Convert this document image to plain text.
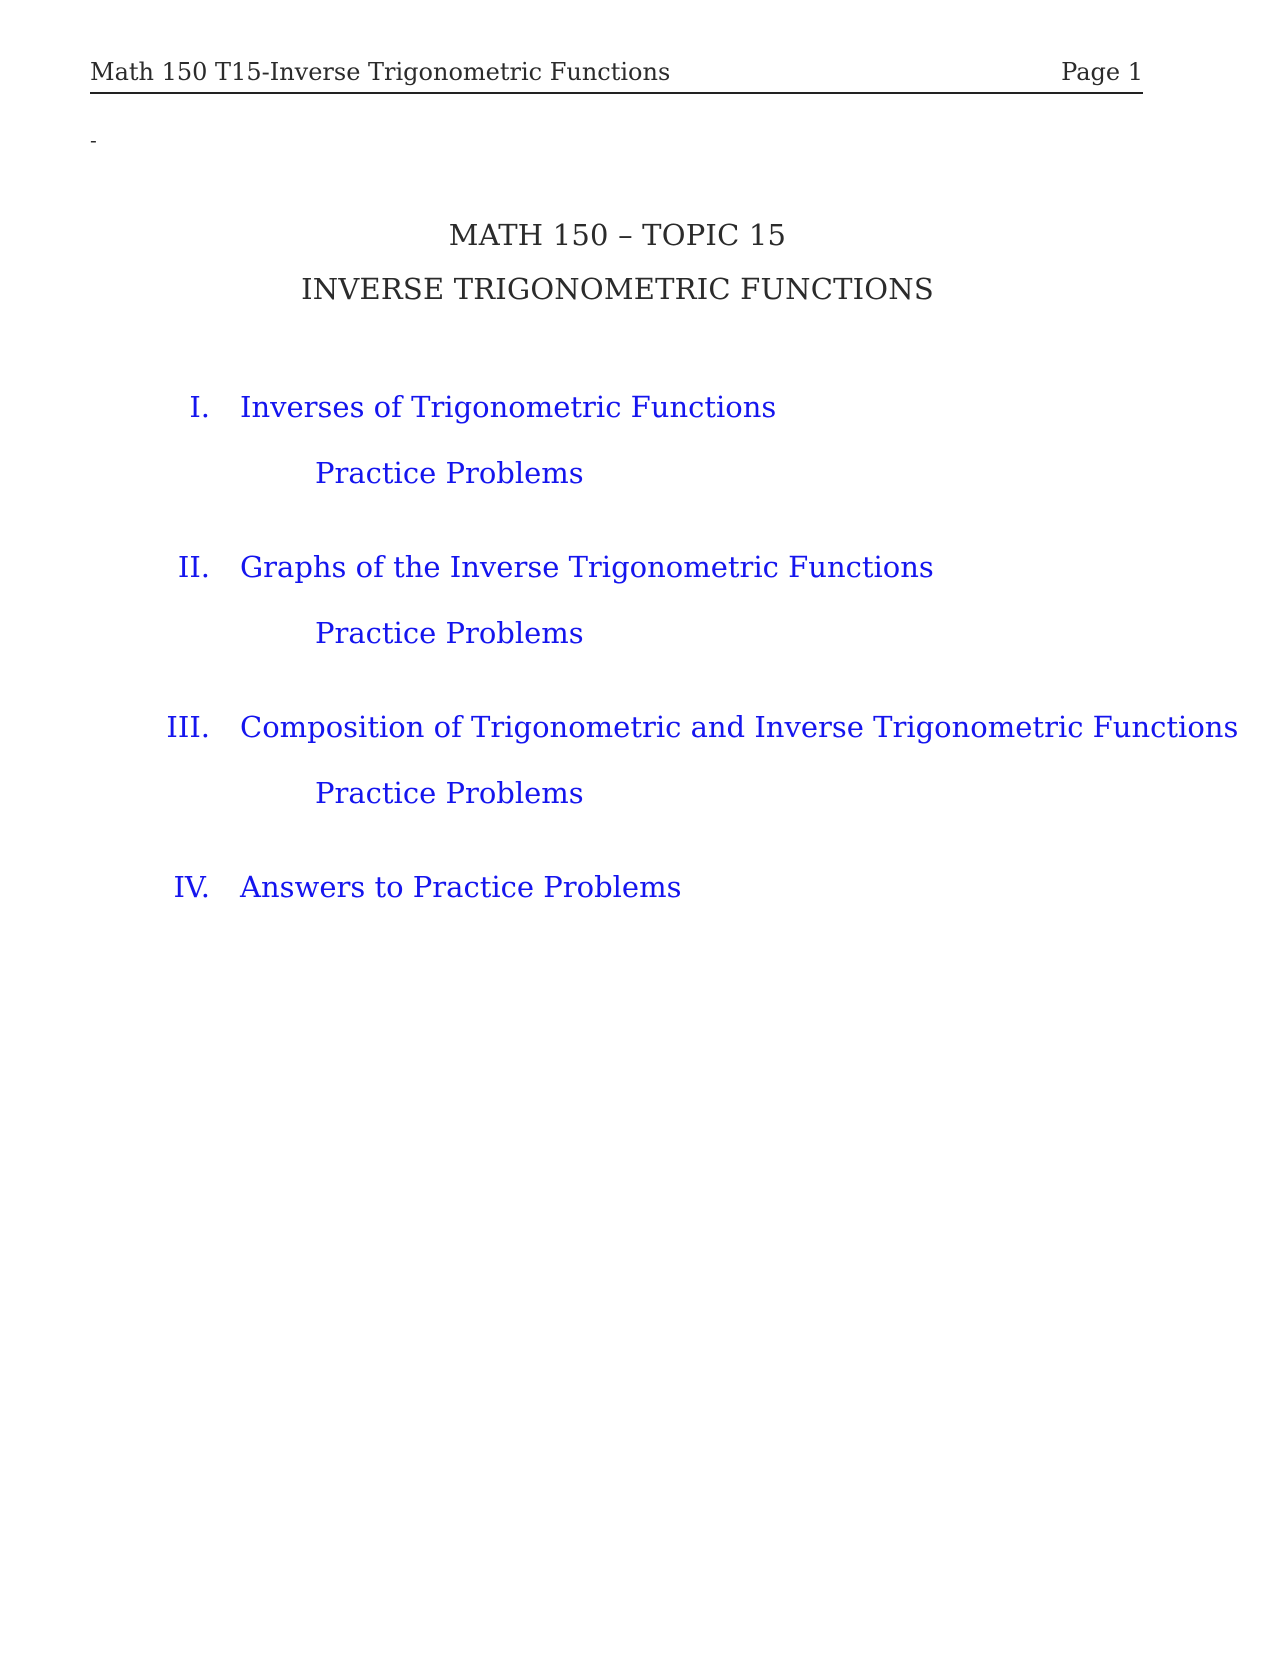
Math 150 T15-Inverse Trigonometric Functions	Page 1
-
MATH 150 – TOPIC 15
INVERSE TRIGONOMETRIC FUNCTIONS
I. Inverses of Trigonometric Functions
Practice Problems
II. Graphs of the Inverse Trigonometric Functions
Practice Problems
III. Composition of Trigonometric and Inverse Trigonometric Functions
Practice Problems
IV. Answers to Practice Problems
